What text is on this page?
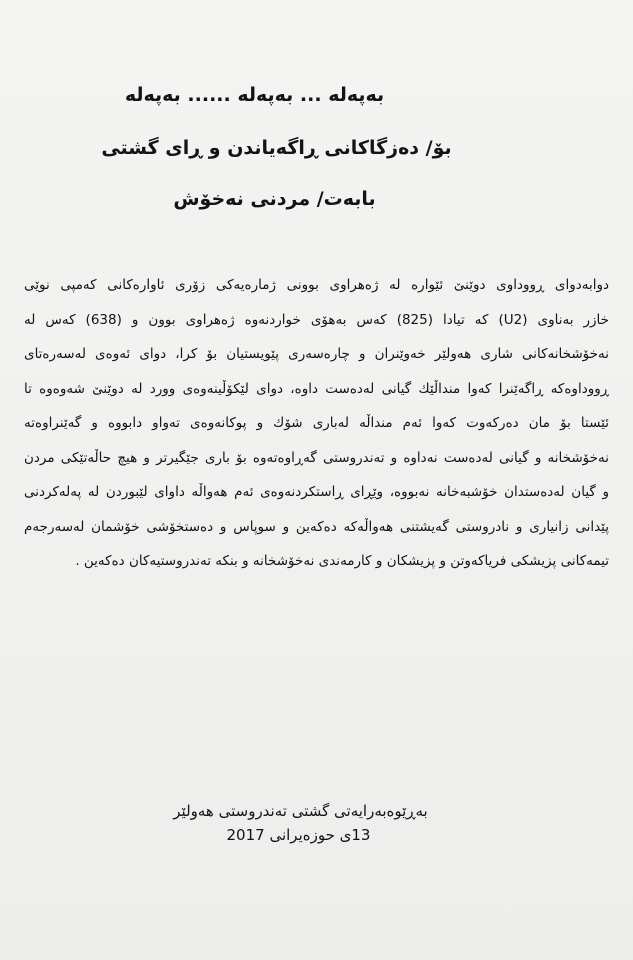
بەپەلە ... بەپەلە ...... بەپەلە
بۆ/ دەزگاکانی ڕاگەیاندن و ڕای گشتی
بابەت/ مردنی نەخۆش
دوابەدوای ڕووداوی دوێنێ ئێوارە لە ژەهراوی بوونی ژمارەیەکی زۆری ئاوارەکانی کەمپی نوێی
خازر بەناوی (U2) کە تیادا (825) کەس بەهۆی خواردنەوە ژەهراوی بوون و (638) کەس لە
نەخۆشخانەکانی شاری هەولێر خەوێنران و چارەسەری پێویستیان بۆ کرا، دوای ئەوەی لەسەرەتای
ڕووداوەکە ڕاگەێنرا کەوا منداڵێك گیانی لەدەست داوە، دوای لێکۆڵینەوەی وورد لە دوێنێ شەوەوە تا
ئێستا بۆ مان دەرکەوت کەوا ئەم منداڵە لەباری شۆك و پوکانەوەی تەواو دابووە و گەێنراوەتە
نەخۆشخانە و گیانی لەدەست نەداوە و تەندروستی گەڕاوەتەوە بۆ باری جێگیرتر و هیچ حاڵەتێکی مردن
و گیان لەدەستدان خۆشبەخانە نەبووە، وێڕای ڕاستکردنەوەی ئەم هەواڵە داوای لێبوردن لە پەلەکردنی
پێدانی زانیاری و نادروستی گەیشتنی هەواڵەکە دەکەین و سوپاس و دەستخۆشی خۆشمان لەسەرجەم
تیمەکانی پزیشکی فریاکەوتن و پزیشکان و کارمەندی نەخۆشخانە و بنکە تەندروستیەکان دەکەین .
بەڕێوەبەرایەتی گشتی تەندروستی هەولێر
13ی حوزەیرانی 2017
